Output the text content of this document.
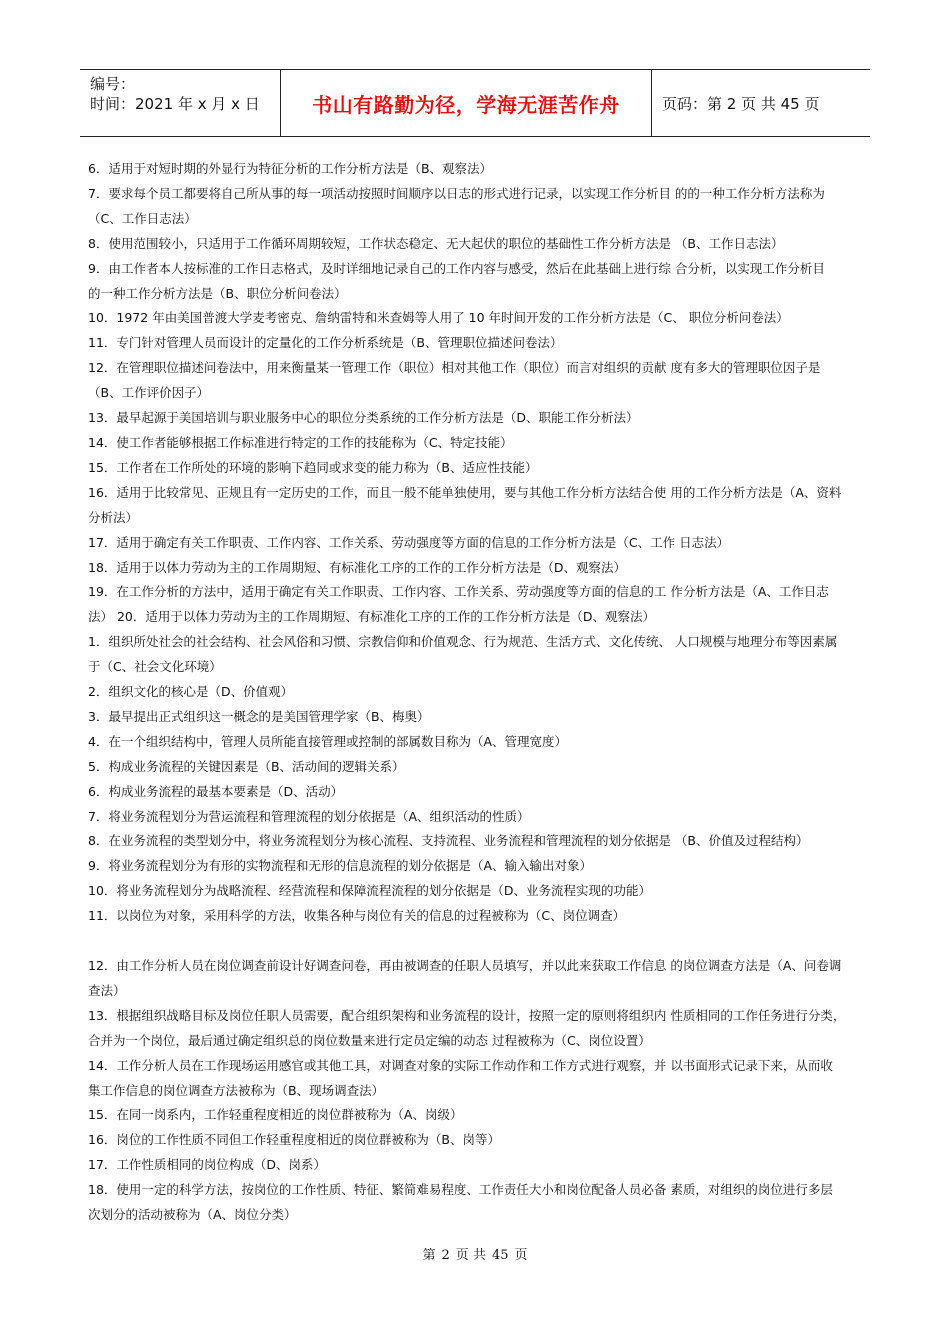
编号：
时间：2021 年 x 月 x 日	书山有路勤为径，学海无涯苦作舟	页码：第 2 页 共 45 页
6．适用于对短时期的外显行为特征分析的工作分析方法是（B、观察法）
7．要求每个员工都要将自己所从事的每一项活动按照时间顺序以日志的形式进行记录，以实现工作分析目 的的一种工作分析方法称为
（C、工作日志法）
8．使用范围较小，只适用于工作循环周期较短，工作状态稳定、无大起伏的职位的基础性工作分析方法是 （B、工作日志法）
9．由工作者本人按标准的工作日志格式，及时详细地记录自己的工作内容与感受，然后在此基础上进行综 合分析，以实现工作分析目
的一种工作分析方法是（B、职位分析问卷法）
10．1972 年由美国普渡大学麦考密克、詹纳雷特和米查姆等人用了 10 年时间开发的工作分析方法是（C、 职位分析问卷法）
11．专门针对管理人员而设计的定量化的工作分析系统是（B、管理职位描述问卷法）
12．在管理职位描述问卷法中，用来衡量某一管理工作（职位）相对其他工作（职位）而言对组织的贡献 度有多大的管理职位因子是
（B、工作评价因子）
13．最早起源于美国培训与职业服务中心的职位分类系统的工作分析方法是（D、职能工作分析法）
14．使工作者能够根据工作标准进行特定的工作的技能称为（C、特定技能）
15．工作者在工作所处的环境的影响下趋同或求变的能力称为（B、适应性技能）
16．适用于比较常见、正规且有一定历史的工作，而且一般不能单独使用，要与其他工作分析方法结合使 用的工作分析方法是（A、资料
分析法）
17．适用于确定有关工作职责、工作内容、工作关系、劳动强度等方面的信息的工作分析方法是（C、工作 日志法）
18．适用于以体力劳动为主的工作周期短、有标准化工序的工作的工作分析方法是（D、观察法）
19．在工作分析的方法中，适用于确定有关工作职责、工作内容、工作关系、劳动强度等方面的信息的工 作分析方法是（A、工作日志
法） 20．适用于以体力劳动为主的工作周期短、有标准化工序的工作的工作分析方法是（D、观察法）
1．组织所处社会的社会结构、社会风俗和习惯、宗教信仰和价值观念、行为规范、生活方式、文化传统、 人口规模与地理分布等因素属
于（C、社会文化环境）
2．组织文化的核心是（D、价值观）
3．最早提出正式组织这一概念的是美国管理学家（B、梅奥）
4．在一个组织结构中，管理人员所能直接管理或控制的部属数目称为（A、管理宽度）
5．构成业务流程的关键因素是（B、活动间的逻辑关系）
6．构成业务流程的最基本要素是（D、活动）
7．将业务流程划分为营运流程和管理流程的划分依据是（A、组织活动的性质）
8．在业务流程的类型划分中，将业务流程划分为核心流程、支持流程、业务流程和管理流程的划分依据是 （B、价值及过程结构）
9．将业务流程划分为有形的实物流程和无形的信息流程的划分依据是（A、输入输出对象）
10．将业务流程划分为战略流程、经营流程和保障流程流程的划分依据是（D、业务流程实现的功能）
11．以岗位为对象，采用科学的方法，收集各种与岗位有关的信息的过程被称为（C、岗位调查）
12．由工作分析人员在岗位调查前设计好调查问卷，再由被调查的任职人员填写，并以此来获取工作信息 的岗位调查方法是（A、问卷调
查法）
13．根据组织战略目标及岗位任职人员需要，配合组织架构和业务流程的设计，按照一定的原则将组织内 性质相同的工作任务进行分类，
合并为一个岗位，最后通过确定组织总的岗位数量来进行定员定编的动态 过程被称为（C、岗位设置）
14．工作分析人员在工作现场运用感官或其他工具，对调查对象的实际工作动作和工作方式进行观察，并 以书面形式记录下来，从而收
集工作信息的岗位调查方法被称为（B、现场调查法）
15．在同一岗系内，工作轻重程度相近的岗位群被称为（A、岗级）
16．岗位的工作性质不同但工作轻重程度相近的岗位群被称为（B、岗等）
17．工作性质相同的岗位构成（D、岗系）
18．使用一定的科学方法，按岗位的工作性质、特征、繁简难易程度、工作责任大小和岗位配备人员必备 素质，对组织的岗位进行多层
次划分的活动被称为（A、岗位分类）
第 2 页 共 45 页
